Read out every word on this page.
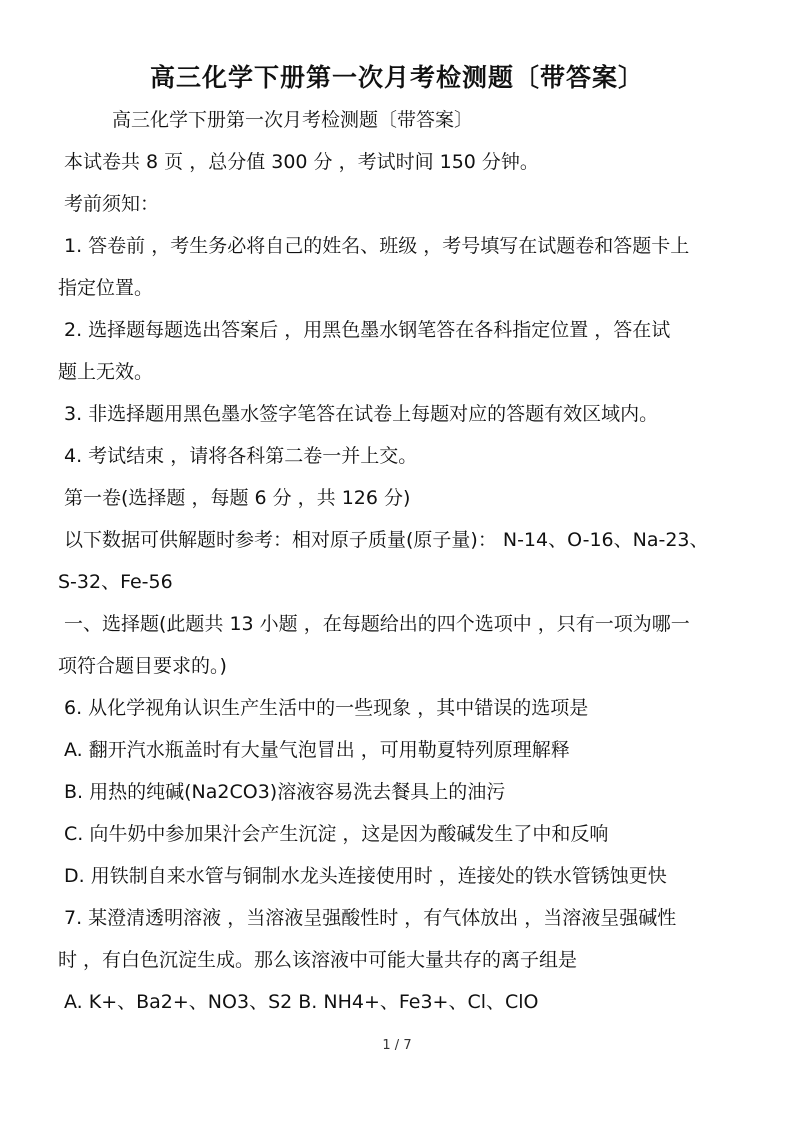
高三化学下册第一次月考检测题〔带答案〕
高三化学下册第一次月考检测题〔带答案〕
本试卷共 8 页 ，总分值 300 分 ，考试时间 150 分钟。
考前须知：
1. 答卷前 ，考生务必将自己的姓名、班级 ，考号填写在试题卷和答题卡上
指定位置。
2. 选择题每题选出答案后 ，用黑色墨水钢笔答在各科指定位置 ，答在试
题上无效。
3. 非选择题用黑色墨水签字笔答在试卷上每题对应的答题有效区域内。
4. 考试结束 ，请将各科第二卷一并上交。
第一卷(选择题 ，每题 6 分 ，共 126 分)
以下数据可供解题时参考：相对原子质量(原子量)： N-14、O-16、Na-23、
S-32、Fe-56
一、选择题(此题共 13 小题 ，在每题给出的四个选项中 ，只有一项为哪一
项符合题目要求的。)
6. 从化学视角认识生产生活中的一些现象 ，其中错误的选项是
A. 翻开汽水瓶盖时有大量气泡冒出 ，可用勒夏特列原理解释
B. 用热的纯碱(Na2CO3)溶液容易洗去餐具上的油污
C. 向牛奶中参加果汁会产生沉淀 ，这是因为酸碱发生了中和反响
D. 用铁制自来水管与铜制水龙头连接使用时 ，连接处的铁水管锈蚀更快
7. 某澄清透明溶液 ，当溶液呈强酸性时 ，有气体放出 ，当溶液呈强碱性
时 ，有白色沉淀生成。那么该溶液中可能大量共存的离子组是
A. K+、Ba2+、NO3、S2 B. NH4+、Fe3+、Cl、ClO
1 / 7
